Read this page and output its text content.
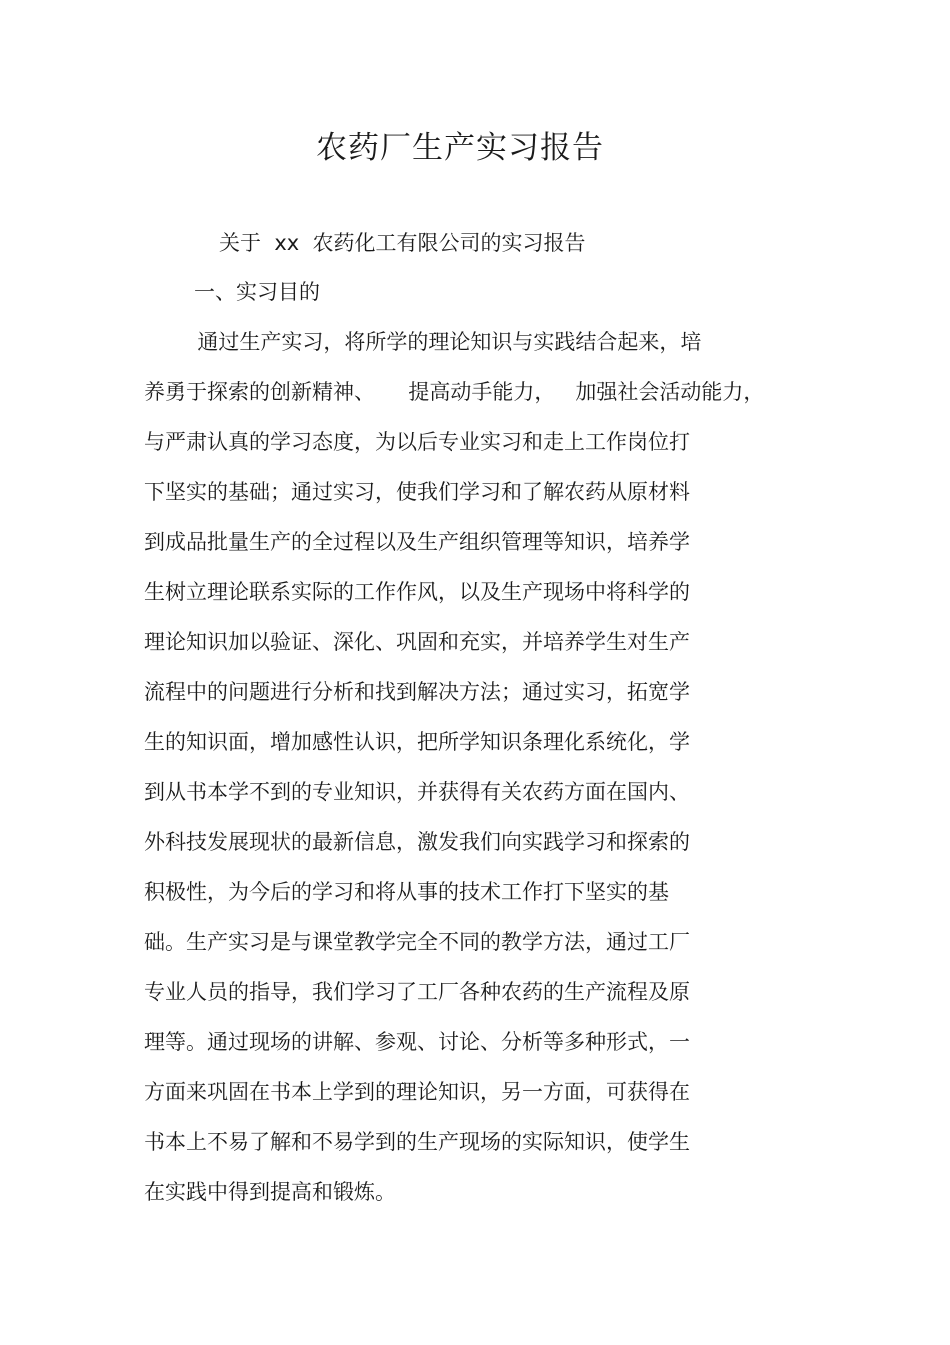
农药厂生产实习报告
关于  xx  农药化工有限公司的实习报告
一、实习目的
通过生产实习，将所学的理论知识与实践结合起来，培
养勇于探索的创新精神、     提高动手能力，   加强社会活动能力，
与严肃认真的学习态度，为以后专业实习和走上工作岗位打
下坚实的基础；通过实习，使我们学习和了解农药从原材料
到成品批量生产的全过程以及生产组织管理等知识，培养学
生树立理论联系实际的工作作风，以及生产现场中将科学的
理论知识加以验证、深化、巩固和充实，并培养学生对生产
流程中的问题进行分析和找到解决方法；通过实习，拓宽学
生的知识面，增加感性认识，把所学知识条理化系统化，学
到从书本学不到的专业知识，并获得有关农药方面在国内、
外科技发展现状的最新信息，激发我们向实践学习和探索的
积极性，为今后的学习和将从事的技术工作打下坚实的基
础。生产实习是与课堂教学完全不同的教学方法，通过工厂
专业人员的指导，我们学习了工厂各种农药的生产流程及原
理等。通过现场的讲解、参观、讨论、分析等多种形式，一
方面来巩固在书本上学到的理论知识，另一方面，可获得在
书本上不易了解和不易学到的生产现场的实际知识，使学生
在实践中得到提高和锻炼。
